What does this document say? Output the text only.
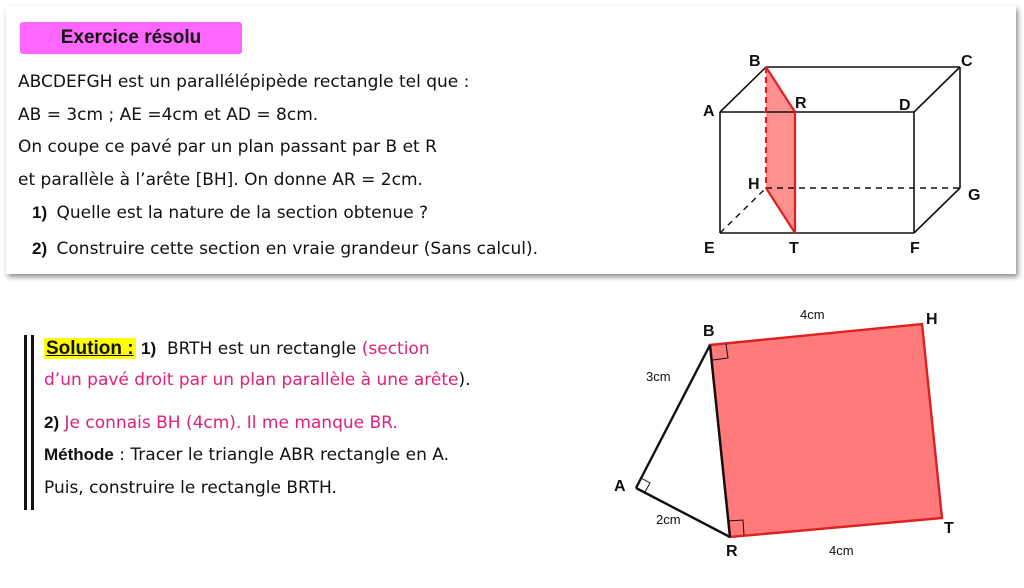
Exercice résolu
ABCDEFGH est un parallélépipède rectangle tel que :
AB = 3cm ; AE =4cm et AD = 8cm.
On coupe ce pavé par un plan passant par B et R
et parallèle à l’arête [BH]. On donne AR = 2cm.
1) Quelle est la nature de la section obtenue ?
2) Construire cette section en vraie grandeur (Sans calcul).
B	C
A	R	D
H
G
E	T	F
Solution : 1) BRTH est un rectangle (section
d’un pavé droit par un plan parallèle à une arête).
2) Je connais BH (4cm). Il me manque BR.
Méthode : Tracer le triangle ABR rectangle en A.
Puis, construire le rectangle BRTH.
B
H
A
R
T
4cm
3cm
2cm
4cm
